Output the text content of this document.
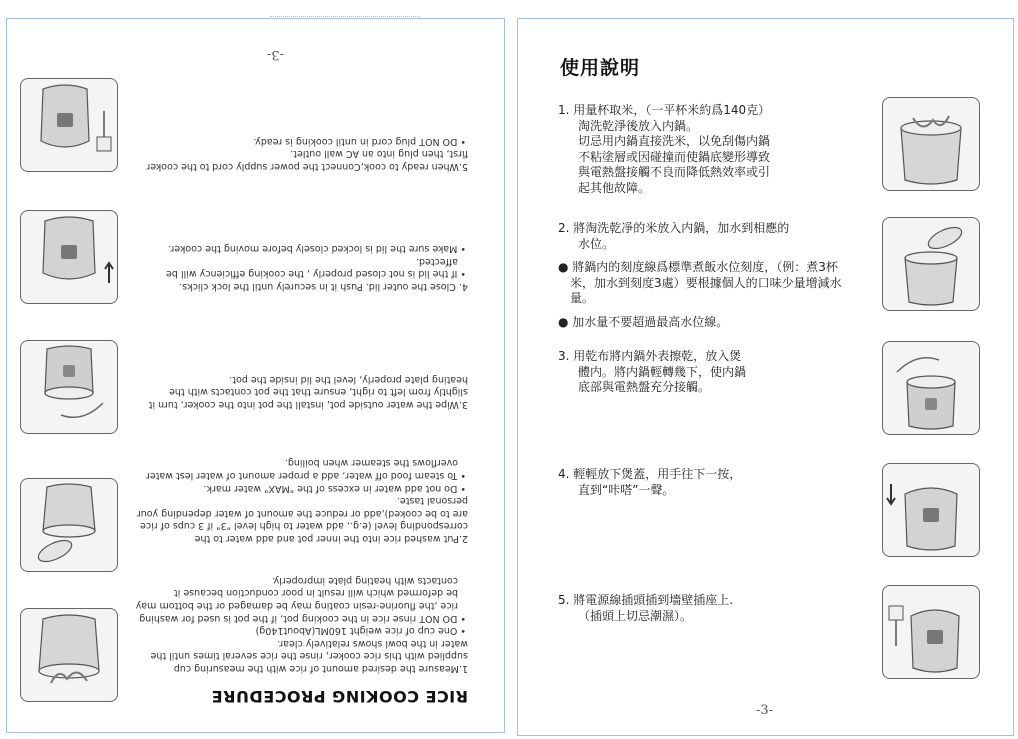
RICE COOKING PROCEDURE

1.Measure the desired amount of rice with the measuring cup supplied with this rice cooker, rinse the rice several times until the water in the bowl shows relatively clear.

• One cup of rice weight 160ML(About140g)

• DO NOT rinse rice in the cooking pot, if the pot is used for washing rice ,the fluorine-resin coating may be damaged or the bottom may be deformed which will result in poor conduction because it contacts with heating plate improperly.

2.Put washed rice into the inner pot and add water to the corresponding level (e.g., add water to high level "3" if 3 cups of rice are to be cooked),add or reduce the amount of water depending your personal taste.

• Do not add water in excess of the "MAX" water mark.

• To steam food off water, add a proper amount of water lest water overflows the steamer when boiling.

3.Wipe the water outside pot, install the pot into the cooker, turn it slightly from left to right, ensure that the pot contacts with the heating plate properly, level the lid inside the pot.

4. Close the outer lid. Push it in securely until the lock clicks.

• If the lid is not closed properly , the cooking efficiency will be affected.

• Make sure the lid is locked closely before moving the cooker.

5.When ready to cook,Connect the power supply cord to the cooker first, then plug into an AC wall outlet.

• DO NOT plug cord in until cooking is ready.

-3-
使用說明

1. 用量杯取米，（一平杯米約爲140克）

淘洗乾淨後放入内鍋。

切忌用内鍋直接洗米，以免刮傷内鍋

不粘塗層或因碰撞而使鍋底變形導致

與電熱盤接觸不良而降低熱效率或引

起其他故障。

2. 將淘洗乾凈的米放入内鍋，加水到相應的

水位。

● 將鍋内的刻度線爲標準煮飯水位刻度，（例：煮3杯米，加水到刻度3處）要根據個人的口味少量增減水量。

● 加水量不要超過最高水位線。

3. 用乾布將内鍋外表擦乾，放入煲

體内。將内鍋輕轉幾下，使内鍋

底部與電熱盤充分接觸。

4. 輕輕放下煲蓋，用手往下一按，

直到“咔嗒”一聲。

5. 將電源線插頭插到墻壁插座上.

（插頭上切忌潮濕）。

-3-
